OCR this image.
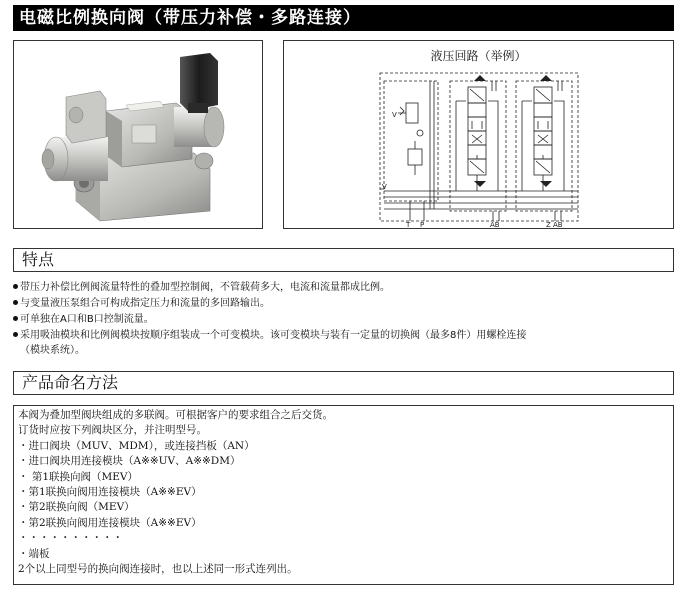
电磁比例换向阀（带压力补偿・多路连接）
液压回路（举例）
V
V
T P	AB	Z AB
特点
带压力补偿比例阀流量特性的叠加型控制阀，不管载荷多大，电流和流量都成比例。
与变量液压泵组合可构成指定压力和流量的多回路输出。
可单独在A口和B口控制流量。
采用吸油模块和比例阀模块按顺序组装成一个可变模块。该可变模块与装有一定量的切换阀（最多8件）用螺栓连接
（模块系统）。
产品命名方法
本阀为叠加型阀块组成的多联阀。可根据客户的要求组合之后交货。
订货时应按下列阀块区分，并注明型号。
・进口阀块（MUV、MDM），或连接挡板（AN）
・进口阀块用连接模块（A※※UV、A※※DM）
・ 第1联换向阀（MEV）
・第1联换向阀用连接模块（A※※EV）
・第2联换向阀（MEV）
・第2联换向阀用连接模块（A※※EV）
・・・・・・・・・・
・端板
2个以上同型号的换向阀连接时，也以上述同一形式连列出。
